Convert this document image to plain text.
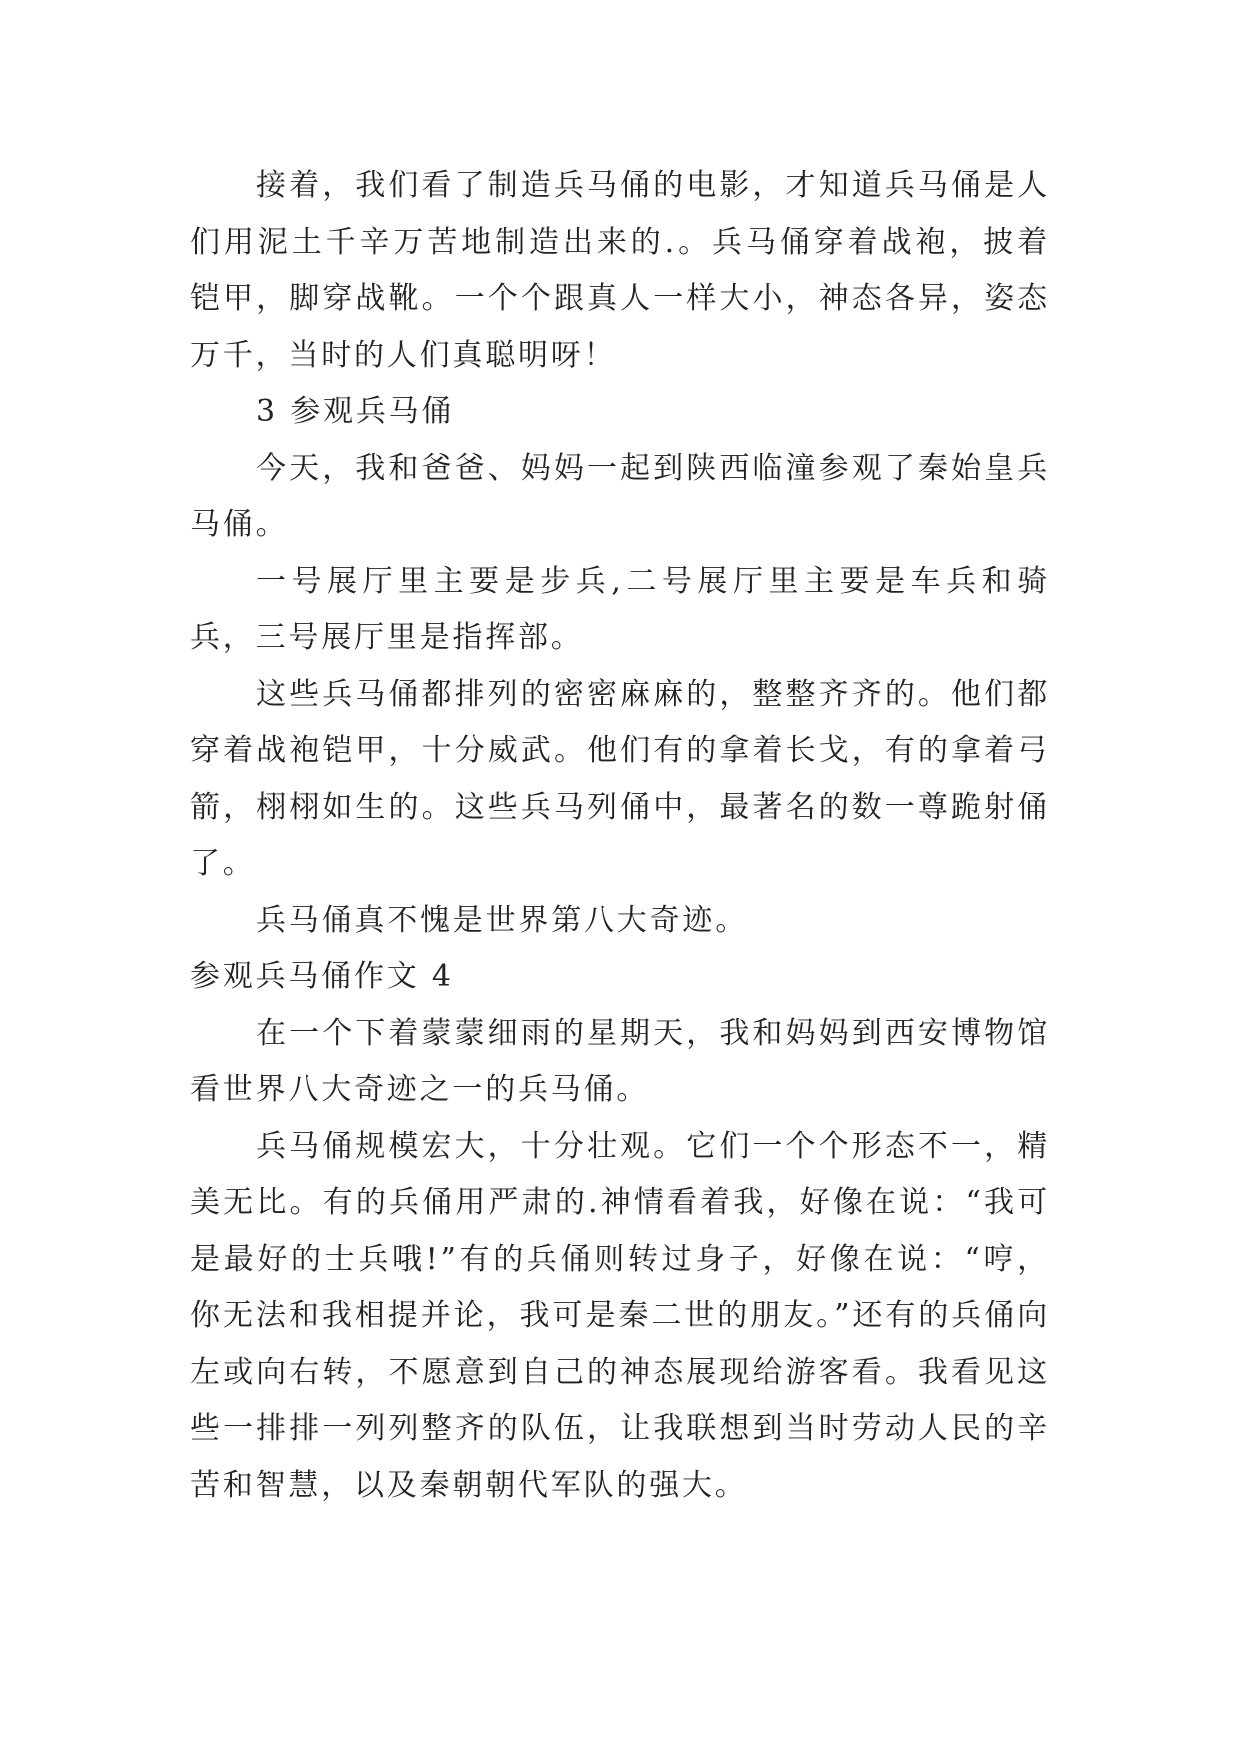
接着，我们看了制造兵马俑的电影，才知道兵马俑是人们用泥土千辛万苦地制造出来的.。兵马俑穿着战袍，披着铠甲，脚穿战靴。一个个跟真人一样大小，神态各异，姿态万千，当时的人们真聪明呀！

3 参观兵马俑

今天，我和爸爸、妈妈一起到陕西临潼参观了秦始皇兵马俑。

一号展厅里主要是步兵,二号展厅里主要是车兵和骑兵，三号展厅里是指挥部。

这些兵马俑都排列的密密麻麻的，整整齐齐的。他们都穿着战袍铠甲，十分威武。他们有的拿着长戈，有的拿着弓箭，栩栩如生的。这些兵马列俑中，最著名的数一尊跪射俑了。

兵马俑真不愧是世界第八大奇迹。

参观兵马俑作文 4

在一个下着蒙蒙细雨的星期天，我和妈妈到西安博物馆看世界八大奇迹之一的兵马俑。

兵马俑规模宏大，十分壮观。它们一个个形态不一，精美无比。有的兵俑用严肃的.神情看着我，好像在说：“我可是最好的士兵哦!”有的兵俑则转过身子，好像在说：“哼，你无法和我相提并论，我可是秦二世的朋友。”还有的兵俑向左或向右转，不愿意到自己的神态展现给游客看。我看见这些一排排一列列整齐的队伍，让我联想到当时劳动人民的辛苦和智慧，以及秦朝朝代军队的强大。
